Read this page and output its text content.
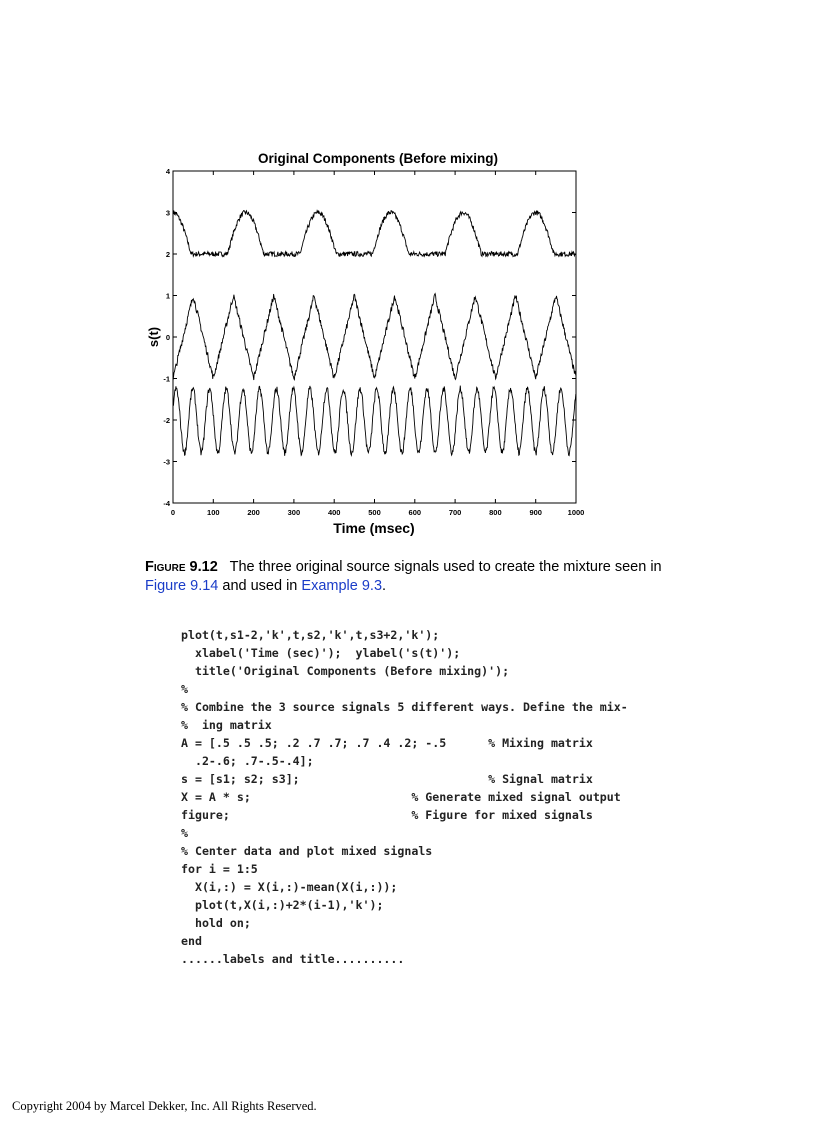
Original Components (Before mixing)
Time (msec)
s(t)
0	100	200	300	400	500	600	700	800	900	1000
4
3
2
1
0
-1
-2
-3
-4
Figure 9.12 The three original source signals used to create the mixture seen in Figure 9.14 and used in Example 9.3.
plot(t,s1-2,'k',t,s2,'k',t,s3+2,'k');
xlabel('Time (sec)');  ylabel('s(t)');
title('Original Components (Before mixing)');
%
% Combine the 3 source signals 5 different ways. Define the mix-
%  ing matrix
A = [.5 .5 .5; .2 .7 .7; .7 .4 .2; -.5      % Mixing matrix
.2-.6; .7-.5-.4];
s = [s1; s2; s3];                           % Signal matrix
X = A * s;                       % Generate mixed signal output
figure;                          % Figure for mixed signals
%
% Center data and plot mixed signals
for i = 1:5
X(i,:) = X(i,:)-mean(X(i,:));
plot(t,X(i,:)+2*(i-1),'k');
hold on;
end
......labels and title..........
Copyright 2004 by Marcel Dekker, Inc. All Rights Reserved.
